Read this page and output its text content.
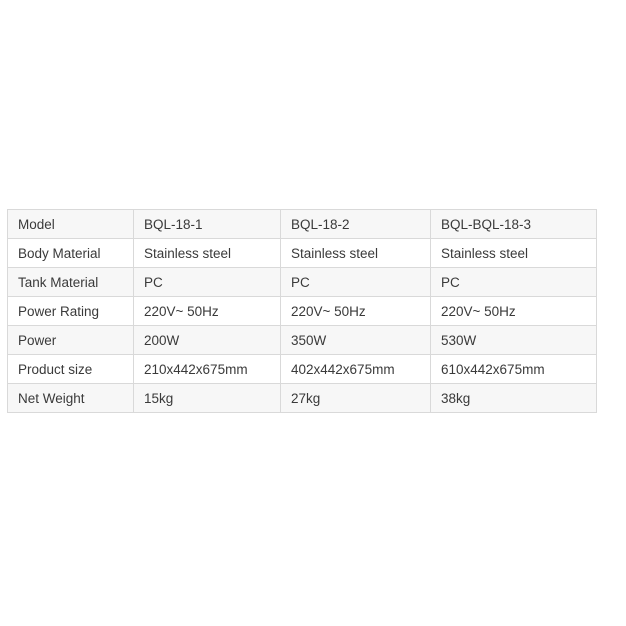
Model	BQL-18-1	BQL-18-2	BQL-BQL-18-3
Body Material	Stainless steel	Stainless steel	Stainless steel
Tank Material	PC	PC	PC
Power Rating	220V~ 50Hz	220V~ 50Hz	220V~ 50Hz
Power	200W	350W	530W
Product size	210x442x675mm	402x442x675mm	610x442x675mm
Net Weight	15kg	27kg	38kg
